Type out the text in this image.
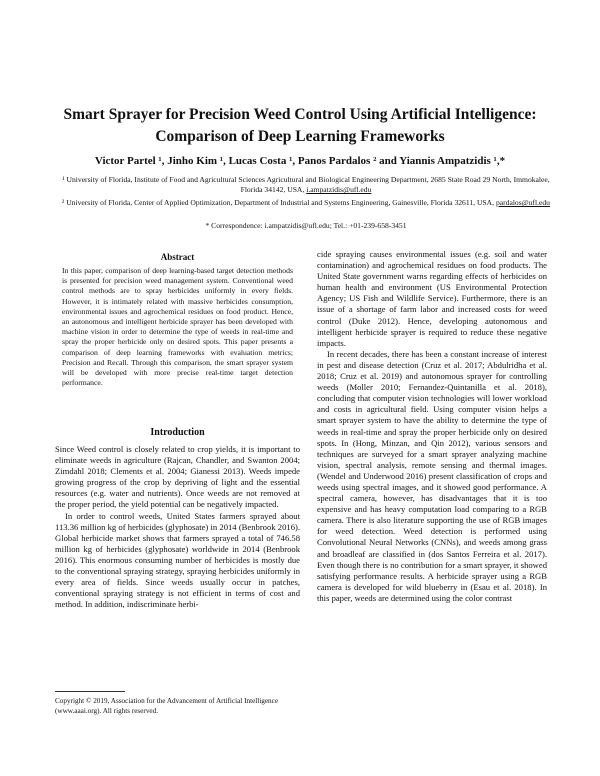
Smart Sprayer for Precision Weed Control Using Artificial Intelligence: Comparison of Deep Learning Frameworks

Victor Partel ¹, Jinho Kim ¹, Lucas Costa ¹, Panos Pardalos ² and Yiannis Ampatzidis ¹,*

¹ University of Florida, Institute of Food and Agricultural Sciences Agricultural and Biological Engineering Department, 2685 State Road 29 North, Immokalee, Florida 34142, USA, i.ampatzidis@ufl.edu

² University of Florida, Center of Applied Optimization, Department of Industrial and Systems Engineering, Gainesville, Florida 32611, USA, pardalos@ufl.edu

* Correspondence: i.ampatzidis@ufl.edu; Tel.: +01-239-658-3451

Abstract

In this paper, comparison of deep learning-based target detection methods is presented for precision weed management system. Conventional weed control methods are to spray herbicides uniformly in every fields. However, it is intimately related with massive herbicides consumption, environmental issues and agrochemical residues on food product. Hence, an autonomous and intelligent herbicide sprayer has been developed with machine vision in order to determine the type of weeds in real-time and spray the proper herbicide only on desired spots. This paper presents a comparison of deep learning frameworks with evaluation metrics; Precision and Recall. Through this comparison, the smart sprayer system will be developed with more precise real-time target detection performance.

Introduction

Since Weed control is closely related to crop yields, it is important to eliminate weeds in agriculture (Rajcan, Chandler, and Swanton 2004; Zimdahl 2018; Clements et al. 2004; Gianessi 2013). Weeds impede growing progress of the crop by depriving of light and the essential resources (e.g. water and nutrients). Once weeds are not removed at the proper period, the yield potential can be negatively impacted.

In order to control weeds, United States farmers sprayed about 113.36 million kg of herbicides (glyphosate) in 2014 (Benbrook 2016). Global herbicide market shows that farmers sprayed a total of 746.58 million kg of herbicides (glyphosate) worldwide in 2014 (Benbrook 2016). This enormous consuming number of herbicides is mostly due to the conventional spraying strategy, spraying herbicides uniformly in every area of fields. Since weeds usually occur in patches, conventional spraying strategy is not efficient in terms of cost and method. In addition, indiscriminate herbi-

cide spraying causes environmental issues (e.g. soil and water contamination) and agrochemical residues on food products. The United State government warns regarding effects of herbicides on human health and environment (US Environmental Protection Agency; US Fish and Wildlife Service). Furthermore, there is an issue of a shortage of farm labor and increased costs for weed control (Duke 2012). Hence, developing autonomous and intelligent herbicide sprayer is required to reduce these negative impacts.

In recent decades, there has been a constant increase of interest in pest and disease detection (Cruz et al. 2017; Abdulridha et al. 2018; Cruz et al. 2019) and autonomous sprayer for controlling weeds (Moller 2010; Fernandez-Quintanilla et al. 2018), concluding that computer vision technologies will lower workload and costs in agricultural field. Using computer vision helps a smart sprayer system to have the ability to determine the type of weeds in real-time and spray the proper herbicide only on desired spots. In (Hong, Minzan, and Qin 2012), various sensors and techniques are surveyed for a smart sprayer analyzing machine vision, spectral analysis, remote sensing and thermal images. (Wendel and Underwood 2016) present classification of crops and weeds using spectral images, and it showed good performance. A spectral camera, however, has disadvantages that it is too expensive and has heavy computation load comparing to a RGB camera. There is also literature supporting the use of RGB images for weed detection. Weed detection is performed using Convolutional Neural Networks (CNNs), and weeds among grass and broadleaf are classified in (dos Santos Ferreira et al. 2017). Even though there is no contribution for a smart sprayer, it showed satisfying performance results. A herbicide sprayer using a RGB camera is developed for wild blueberry in (Esau et al. 2018). In this paper, weeds are determined using the color contrast

Copyright © 2019, Association for the Advancement of Artificial Intelligence (www.aaai.org). All rights reserved.
